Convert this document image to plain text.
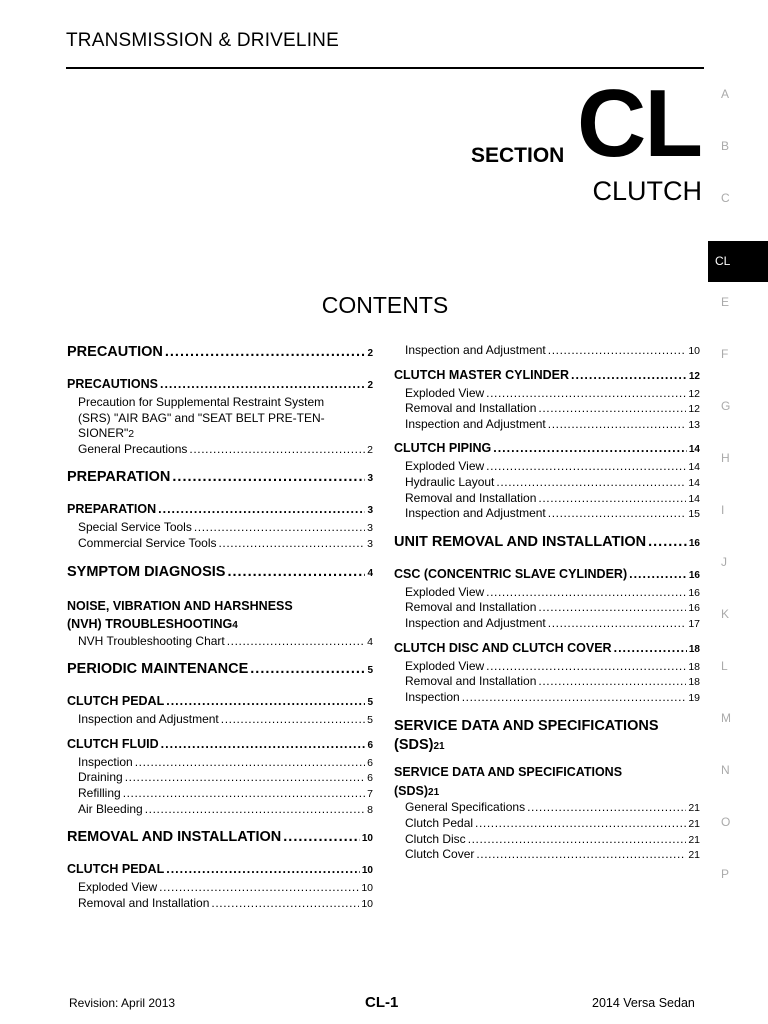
TRANSMISSION & DRIVELINE
SECTION CL
CLUTCH
CONTENTS
A
B
C
CL
E
F
G
H
I
J
K
L
M
N
O
P
PRECAUTION .....	2
PRECAUTIONS .....	2
Precaution for Supplemental Restraint System
(SRS) "AIR BAG" and "SEAT BELT PRE-TEN-
SIONER" 2
General Precautions .....	2
PREPARATION .....	3
PREPARATION .....	3
Special Service Tools .....	3
Commercial Service Tools .....	3
SYMPTOM DIAGNOSIS .....	4
NOISE, VIBRATION AND HARSHNESS
(NVH) TROUBLESHOOTING 4
NVH Troubleshooting Chart .....	4
PERIODIC MAINTENANCE .....	5
CLUTCH PEDAL .....	5
Inspection and Adjustment .....	5
CLUTCH FLUID .....	6
Inspection .....	6
Draining .....	6
Refilling .....	7
Air Bleeding .....	8
REMOVAL AND INSTALLATION .....	10
CLUTCH PEDAL .....	10
Exploded View .....	10
Removal and Installation .....	10
Inspection and Adjustment .....	10
CLUTCH MASTER CYLINDER .....	12
Exploded View .....	12
Removal and Installation .....	12
Inspection and Adjustment .....	13
CLUTCH PIPING .....	14
Exploded View .....	14
Hydraulic Layout .....	14
Removal and Installation .....	14
Inspection and Adjustment .....	15
UNIT REMOVAL AND INSTALLATION .....	16
CSC (CONCENTRIC SLAVE CYLINDER) .....	16
Exploded View .....	16
Removal and Installation .....	16
Inspection and Adjustment .....	17
CLUTCH DISC AND CLUTCH COVER .....	18
Exploded View .....	18
Removal and Installation .....	18
Inspection .....	19
SERVICE DATA AND SPECIFICATIONS
(SDS) 21
SERVICE DATA AND SPECIFICATIONS
(SDS) 21
General Specifications .....	21
Clutch Pedal .....	21
Clutch Disc .....	21
Clutch Cover .....	21
Revision: April 2013	CL-1	2014 Versa Sedan
